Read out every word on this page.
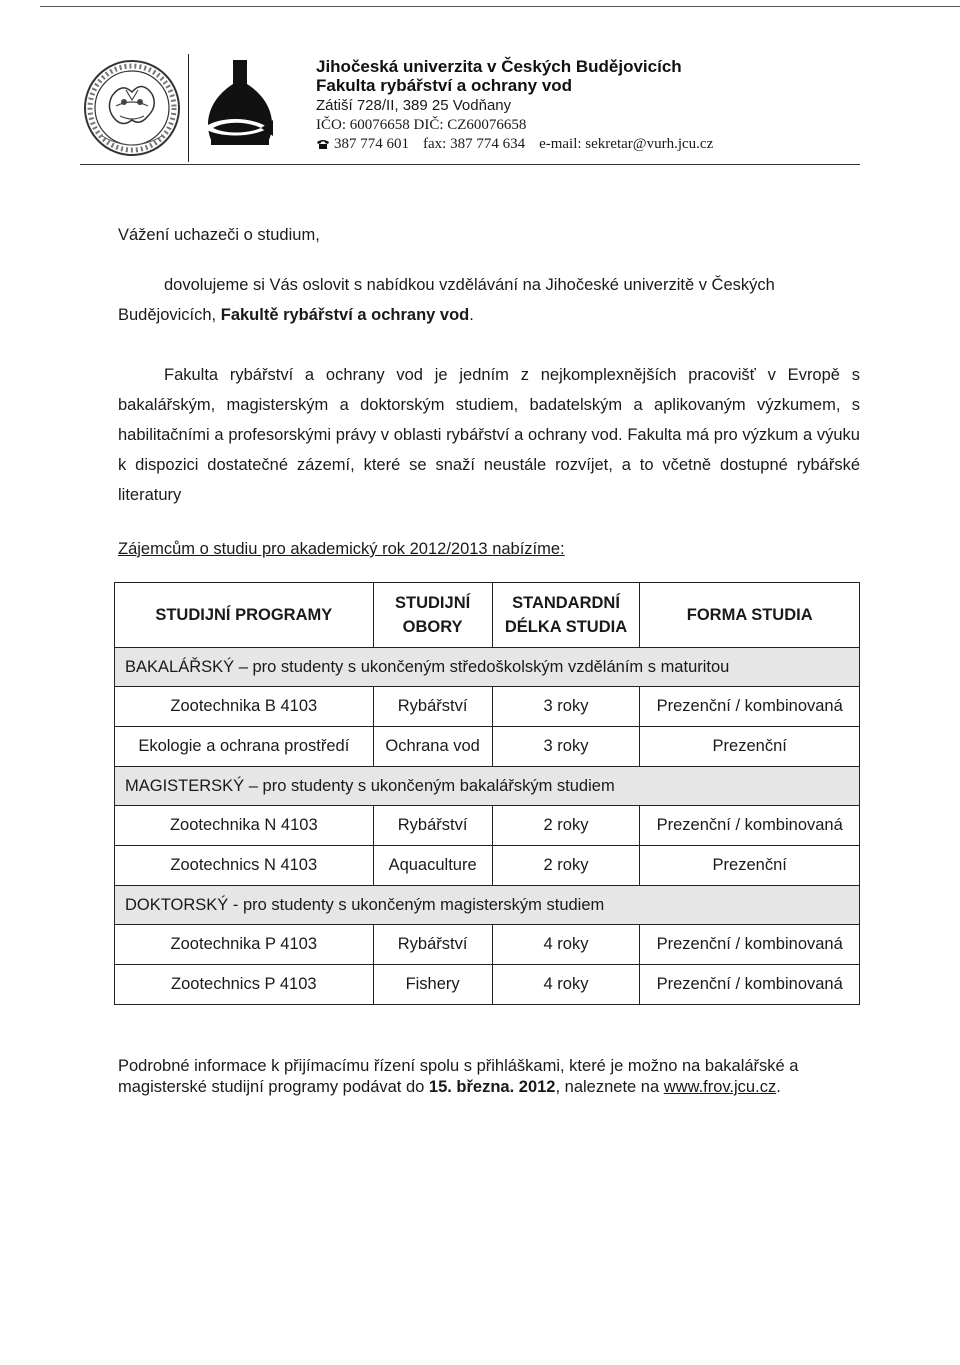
Jihočeská univerzita v Českých Budějovicích
Fakulta rybářství a ochrany vod
Zátiší 728/II, 389 25 Vodňany
IČO: 60076658 DIČ: CZ60076658
387 774 601 fax: 387 774 634 e-mail: sekretar@vurh.jcu.cz
Vážení uchazeči o studium,
dovolujeme si Vás oslovit s nabídkou vzdělávání na Jihočeské univerzitě v Českých Budějovicích, Fakultě rybářství a ochrany vod.
Fakulta rybářství a ochrany vod je jedním z nejkomplexnějších pracovišť v Evropě s bakalářským, magisterským a doktorským studiem, badatelským a aplikovaným výzkumem, s habilitačními a profesorskými právy v oblasti rybářství a ochrany vod. Fakulta má pro výzkum a výuku k dispozici dostatečné zázemí, které se snaží neustále rozvíjet, a to včetně dostupné rybářské literatury
Zájemcům o studiu pro akademický rok 2012/2013 nabízíme:
STUDIJNÍ PROGRAMY	STUDIJNÍ OBORY	STANDARDNÍ DÉLKA STUDIA	FORMA STUDIA
BAKALÁŘSKÝ – pro studenty s ukončeným středoškolským vzděláním s maturitou			
Zootechnika B 4103	Rybářství	3 roky	Prezenční / kombinovaná
Ekologie a ochrana prostředí	Ochrana vod	3 roky	Prezenční
MAGISTERSKÝ – pro studenty s ukončeným bakalářským studiem			
Zootechnika N 4103	Rybářství	2 roky	Prezenční / kombinovaná
Zootechnics N 4103	Aquaculture	2 roky	Prezenční
DOKTORSKÝ - pro studenty s ukončeným magisterským studiem			
Zootechnika P 4103	Rybářství	4 roky	Prezenční / kombinovaná
Zootechnics P 4103	Fishery	4 roky	Prezenční / kombinovaná
Podrobné informace k přijímacímu řízení spolu s přihláškami, které je možno na bakalářské a magisterské studijní programy podávat do 15. března. 2012, naleznete na www.frov.jcu.cz.
